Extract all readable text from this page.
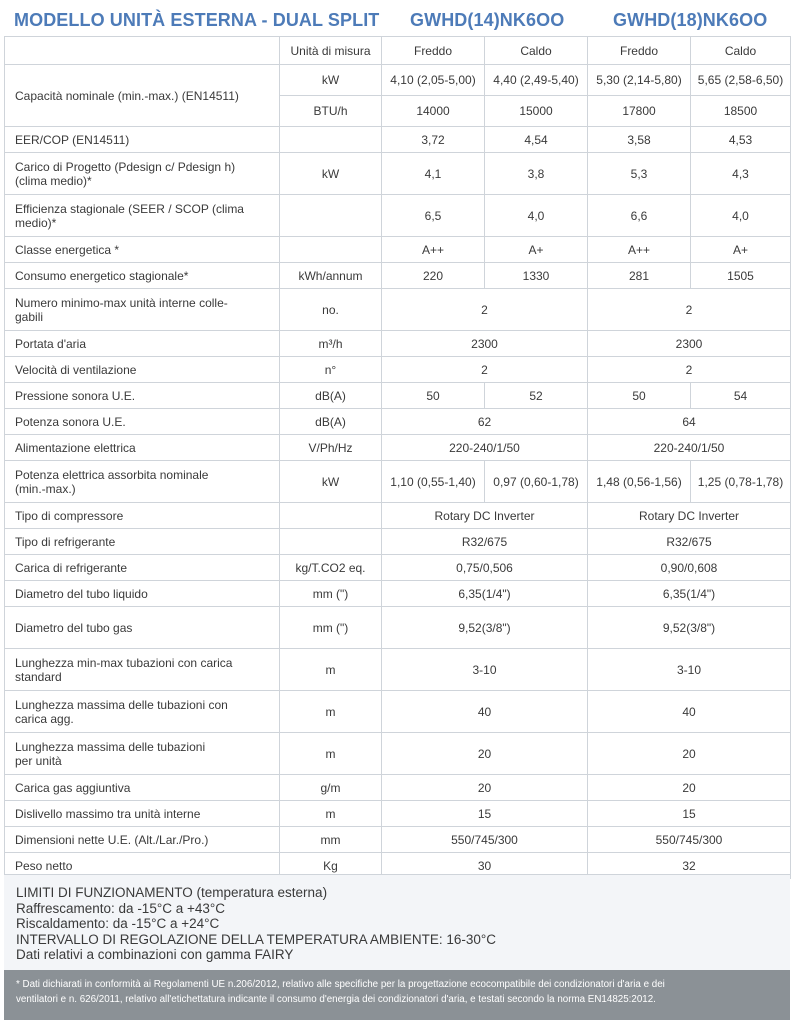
MODELLO UNITÀ ESTERNA - DUAL SPLIT GWHD(14)NK6OO	GWHD(18)NK6OO
	Unità di misura	Freddo	Caldo	Freddo	Caldo
Capacità nominale (min.-max.) (EN14511)	kW	4,10 (2,05-5,00)	4,40 (2,49-5,40)	5,30 (2,14-5,80)	5,65 (2,58-6,50)
	BTU/h	14000	15000	17800	18500
EER/COP (EN14511)		3,72	4,54	3,58	4,53
Carico di Progetto (Pdesign c/ Pdesign h)
(clima medio)*	kW	4,1	3,8	5,3	4,3
Efficienza stagionale (SEER / SCOP (clima
medio)*		6,5	4,0	6,6	4,0
Classe energetica *		A++	A+	A++	A+
Consumo energetico stagionale*	kWh/annum	220	1330	281	1505
Numero minimo-max unità interne colle-
gabili	no.	2		2	
Portata d'aria	m³/h	2300		2300	
Velocità di ventilazione	n°	2		2	
Pressione sonora U.E.	dB(A)	50	52	50	54
Potenza sonora U.E.	dB(A)	62		64	
Alimentazione elettrica	V/Ph/Hz	220-240/1/50		220-240/1/50	
Potenza elettrica assorbita nominale
(min.-max.)	kW	1,10 (0,55-1,40)	0,97 (0,60-1,78)	1,48 (0,56-1,56)	1,25 (0,78-1,78)
Tipo di compressore		Rotary DC Inverter		Rotary DC Inverter	
Tipo di refrigerante		R32/675		R32/675	
Carica di refrigerante	kg/T.CO2 eq.	0,75/0,506		0,90/0,608	
Diametro del tubo liquido	mm (")	6,35(1/4")		6,35(1/4")	
Diametro del tubo gas	mm (")	9,52(3/8")		9,52(3/8")	
Lunghezza min-max tubazioni con carica
standard	m	3-10		3-10	
Lunghezza massima delle tubazioni con
carica agg.	m	40		40	
Lunghezza massima delle tubazioni
per unità	m	20		20	
Carica gas aggiuntiva	g/m	20		20	
Dislivello massimo tra unità interne	m	15		15	
Dimensioni nette U.E. (Alt./Lar./Pro.)	mm	550/745/300		550/745/300	
Peso netto	Kg	30		32	
LIMITI DI FUNZIONAMENTO (temperatura esterna)
Raffrescamento: da -15°C a +43°C
Riscaldamento: da -15°C a +24°C
INTERVALLO DI REGOLAZIONE DELLA TEMPERATURA AMBIENTE: 16-30°C
Dati relativi a combinazioni con gamma FAIRY
* Dati dichiarati in conformità ai Regolamenti UE n.206/2012, relativo alle specifiche per la progettazione ecocompatibile dei condizionatori d'aria e dei
ventilatori e n. 626/2011, relativo all'etichettatura indicante il consumo d'energia dei condizionatori d'aria, e testati secondo la norma EN14825:2012.
